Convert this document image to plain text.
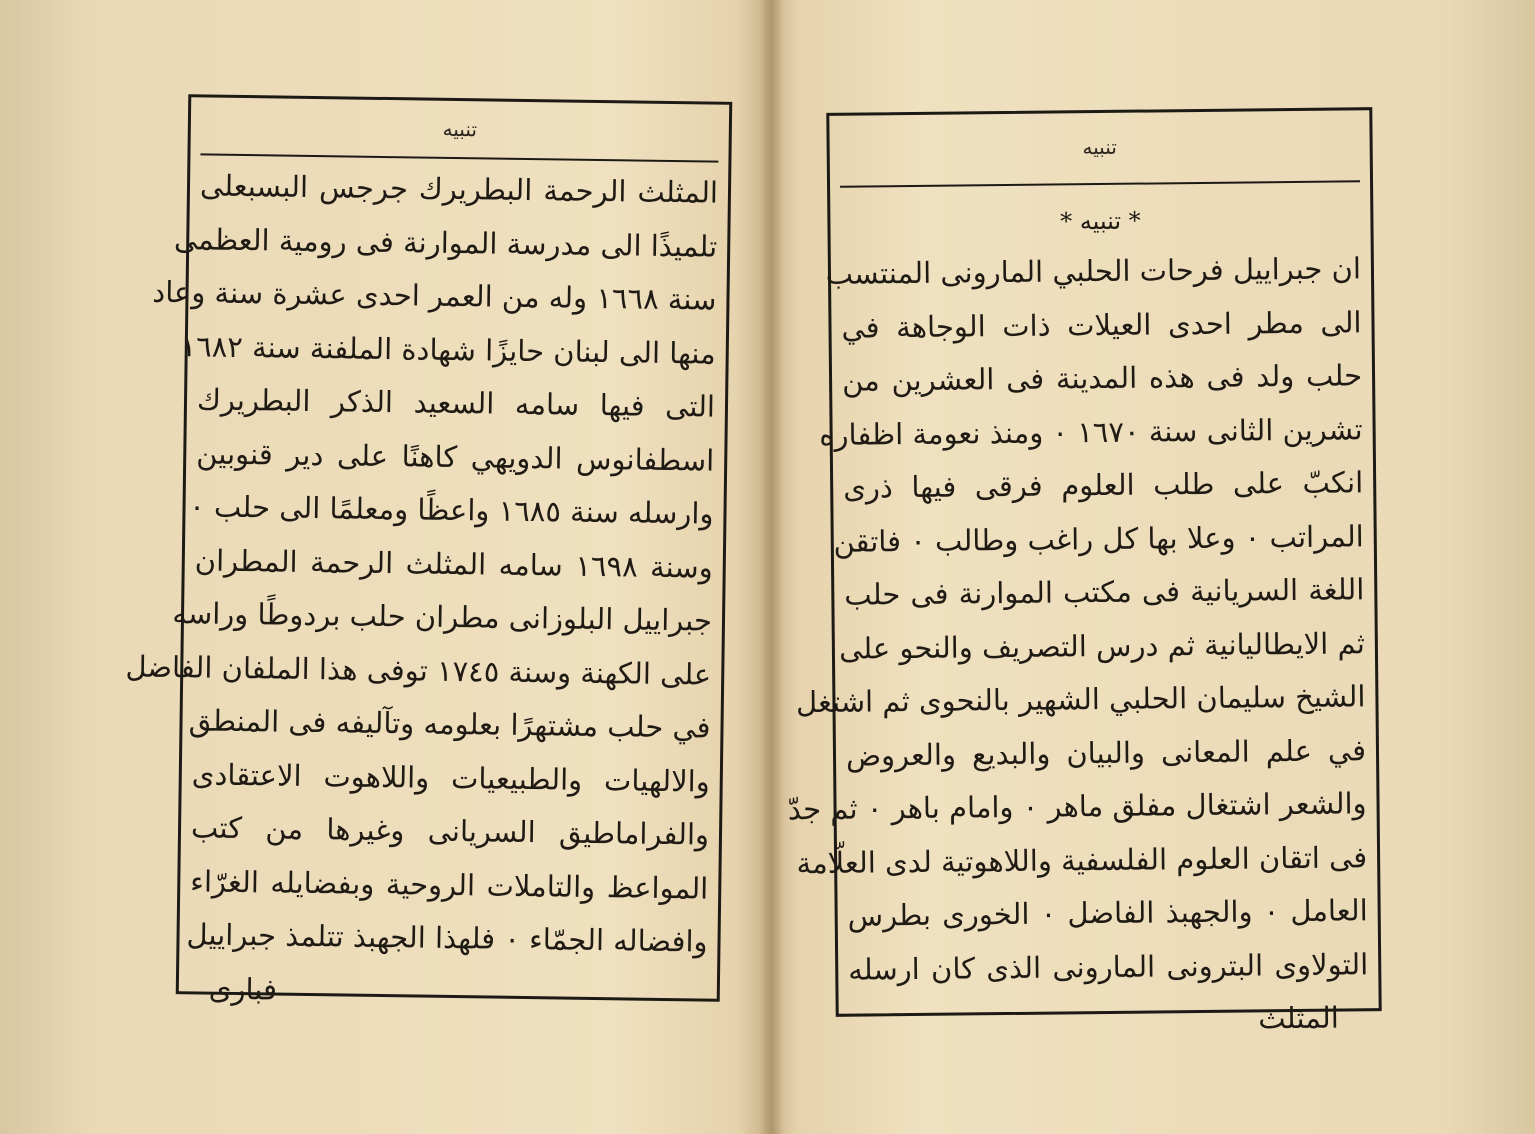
تنبيه
المثلث الرحمة البطريرك جرجس البسبعلى
تلميذًا الى مدرسة الموارنة فى رومية العظمى
سنة ١٦٦٨ وله من العمر احدى عشرة سنة وعاد
منها الى لبنان حايزًا شهادة الملفنة سنة ١٦٨٢
التى فيها سامه السعيد الذكر البطريرك
اسطفانوس الدويهي كاهنًا على دير قنوبين
وارسله سنة ١٦٨٥ واعظًا ومعلمًا الى حلب ٠
وسنة ١٦٩٨ سامه المثلث الرحمة المطران
جبراييل البلوزانى مطران حلب بردوطًا وراسه
على الكهنة وسنة ١٧٤٥ توفى هذا الملفان الفاضل
في حلب مشتهرًا بعلومه وتآليفه فى المنطق
والالهيات والطبيعيات واللاهوت الاعتقادى
والفراماطيق السريانى وغيرها من كتب
المواعظ والتاملات الروحية وبفضايله الغرّاء
وافضاله الجمّاء ٠ فلهذا الجهبذ تتلمذ جبراييل
فبارى
تنبيه
* تنبيه *
ان جبراييل فرحات الحلبي المارونى المنتسب
الى مطر احدى العيلات ذات الوجاهة في
حلب ولد فى هذه المدينة فى العشرين من
تشرين الثانى سنة ١٦٧٠ ٠ ومنذ نعومة اظفاره
انكبّ على طلب العلوم فرقى فيها ذرى
المراتب ٠ وعلا بها كل راغب وطالب ٠ فاتقن
اللغة السريانية فى مكتب الموارنة فى حلب
ثم الايطاليانية ثم درس التصريف والنحو على
الشيخ سليمان الحلبي الشهير بالنحوى ثم اشتغل
في علم المعانى والبيان والبديع والعروض
والشعر اشتغال مفلق ماهر ٠ وامام باهر ٠ ثم جدّ
فى اتقان العلوم الفلسفية واللاهوتية لدى العلّامة
العامل ٠ والجهبذ الفاضل ٠ الخورى بطرس
التولاوى البترونى المارونى الذى كان ارسله
المثلث
